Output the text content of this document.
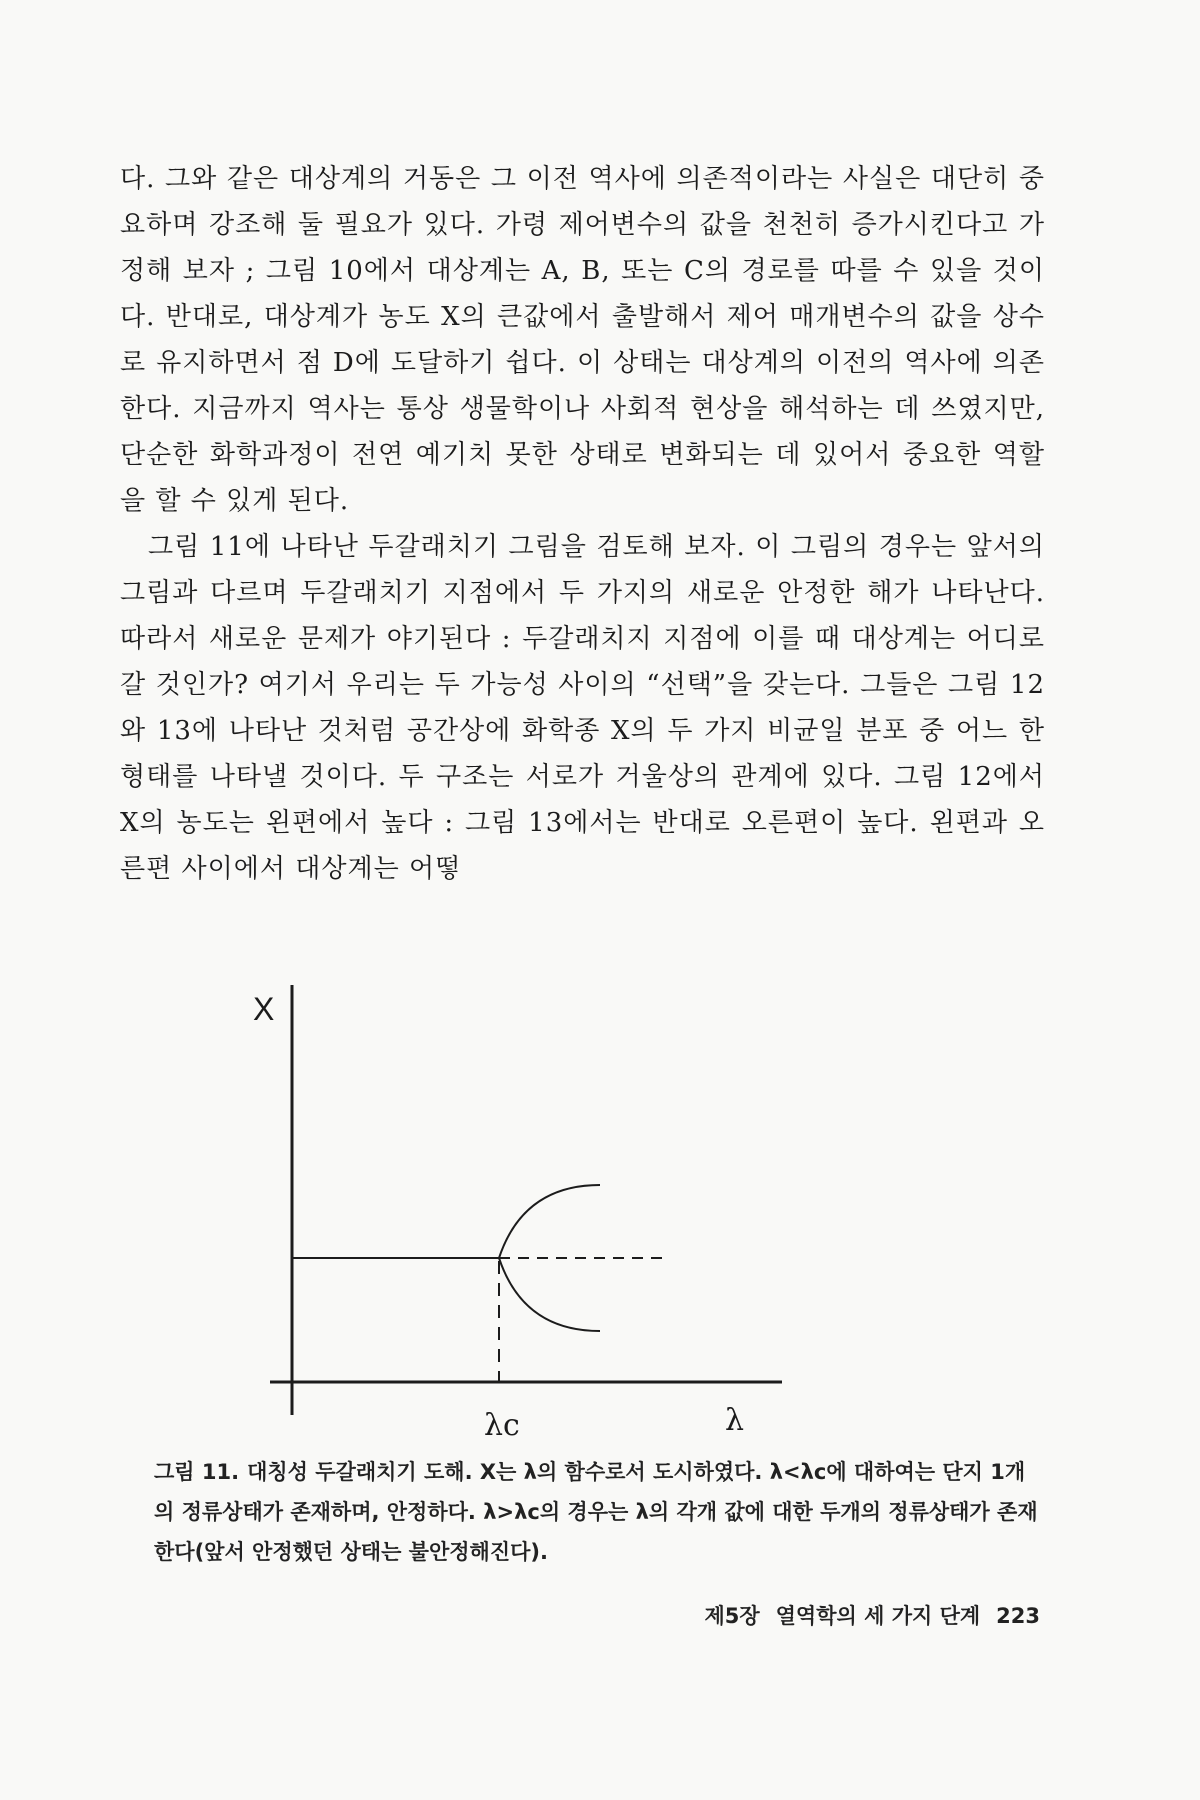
다. 그와 같은 대상계의 거동은 그 이전 역사에 의존적이라는 사실은 대단히 중요하며 강조해 둘 필요가 있다. 가령 제어변수의 값을 천천히 증가시킨다고 가정해 보자 ; 그림 10에서 대상계는 A, B, 또는 C의 경로를 따를 수 있을 것이다. 반대로, 대상계가 농도 X의 큰값에서 출발해서 제어 매개변수의 값을 상수로 유지하면서 점 D에 도달하기 쉽다. 이 상태는 대상계의 이전의 역사에 의존한다. 지금까지 역사는 통상 생물학이나 사회적 현상을 해석하는 데 쓰였지만, 단순한 화학과정이 전연 예기치 못한 상태로 변화되는 데 있어서 중요한 역할을 할 수 있게 된다.

그림 11에 나타난 두갈래치기 그림을 검토해 보자. 이 그림의 경우는 앞서의 그림과 다르며 두갈래치기 지점에서 두 가지의 새로운 안정한 해가 나타난다. 따라서 새로운 문제가 야기된다 : 두갈래치지 지점에 이를 때 대상계는 어디로 갈 것인가? 여기서 우리는 두 가능성 사이의 “선택”을 갖는다. 그들은 그림 12와 13에 나타난 것처럼 공간상에 화학종 X의 두 가지 비균일 분포 중 어느 한 형태를 나타낼 것이다. 두 구조는 서로가 거울상의 관계에 있다. 그림 12에서 X의 농도는 왼편에서 높다 : 그림 13에서는 반대로 오른편이 높다. 왼편과 오른편 사이에서 대상계는 어떻

X
λc	λ
그림 11. 대칭성 두갈래치기 도해. X는 λ의 함수로서 도시하였다. λ<λc에 대하여는 단지 1개의 정류상태가 존재하며, 안정하다. λ>λc의 경우는 λ의 각개 값에 대한 두개의 정류상태가 존재한다(앞서 안정했던 상태는 불안정해진다).
제5장 열역학의 세 가지 단계 223
